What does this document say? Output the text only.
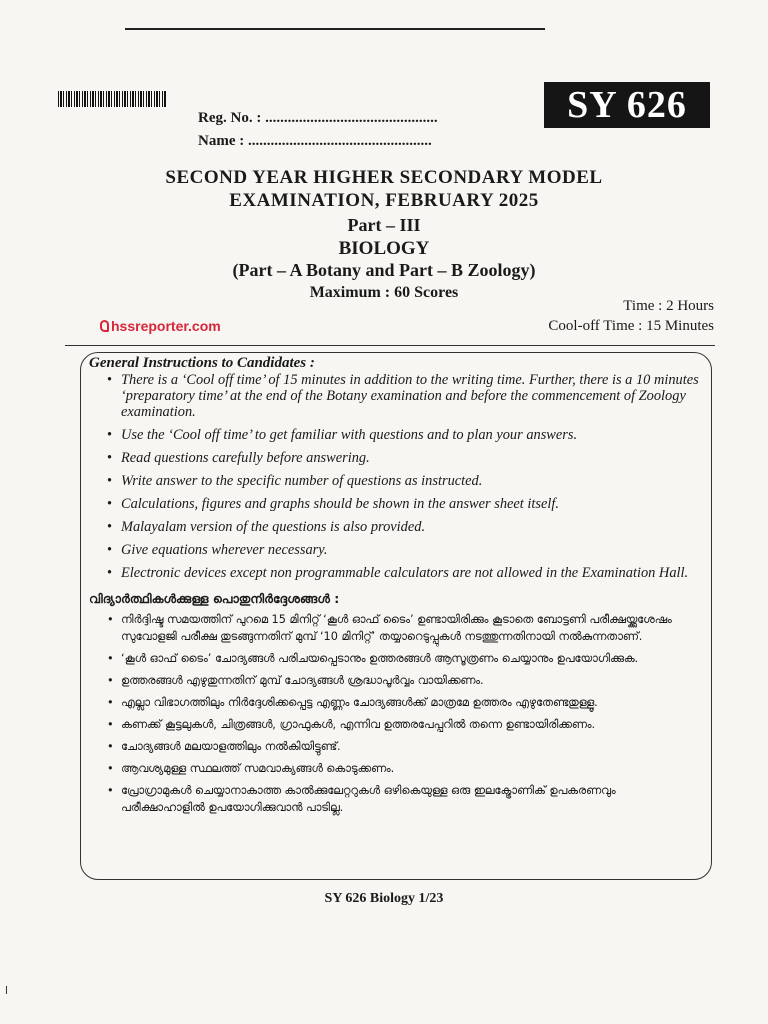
Reg. No. : ..............................................
Name : .................................................
SY 626
SECOND YEAR HIGHER SECONDARY MODEL
EXAMINATION, FEBRUARY 2025
Part – III
BIOLOGY
(Part – A Botany and Part – B Zoology)
Maximum : 60 Scores
Time : 2 Hours
Cool-off Time : 15 Minutes
hssreporter.com
General Instructions to Candidates :
• There is a ‘Cool off time’ of 15 minutes in addition to the writing time. Further, there is a 10 minutes ‘preparatory time’ at the end of the Botany examination and before the commencement of Zoology examination.
• Use the ‘Cool off time’ to get familiar with questions and to plan your answers.
• Read questions carefully before answering.
• Write answer to the specific number of questions as instructed.
• Calculations, figures and graphs should be shown in the answer sheet itself.
• Malayalam version of the questions is also provided.
• Give equations wherever necessary.
• Electronic devices except non programmable calculators are not allowed in the Examination Hall.
വിദ്യാർത്ഥികൾക്കുള്ള പൊതുനിർദ്ദേശങ്ങൾ :
• നിർദ്ദിഷ്ട സമയത്തിന് പുറമെ 15 മിനിറ്റ് ‘കൂൾ ഓഫ് ടൈം’ ഉണ്ടായിരിക്കും കൂടാതെ ബോട്ടണി പരീക്ഷയ്ക്കുശേഷം സുവോളജി പരീക്ഷ തുടങ്ങുന്നതിന് മുമ്പ് ‘10 മിനിറ്റ്’ തയ്യാറെടുപ്പുകൾ നടത്തുന്നതിനായി നൽകുന്നതാണ്.
• ‘കൂൾ ഓഫ് ടൈം’ ചോദ്യങ്ങൾ പരിചയപ്പെടാനും ഉത്തരങ്ങൾ ആസൂത്രണം ചെയ്യാനും ഉപയോഗിക്കുക.
• ഉത്തരങ്ങൾ എഴുതുന്നതിന് മുമ്പ് ചോദ്യങ്ങൾ ശ്രദ്ധാപൂർവ്വം വായിക്കണം.
• എല്ലാ വിഭാഗത്തിലും നിർദ്ദേശിക്കപ്പെട്ട എണ്ണം ചോദ്യങ്ങൾക്ക് മാത്രമേ ഉത്തരം എഴുതേണ്ടതുള്ളൂ.
• കണക്ക് കൂട്ടലുകൾ, ചിത്രങ്ങൾ, ഗ്രാഫുകൾ, എന്നിവ ഉത്തരപേപ്പറിൽ തന്നെ ഉണ്ടായിരിക്കണം.
• ചോദ്യങ്ങൾ മലയാളത്തിലും നൽകിയിട്ടുണ്ട്.
• ആവശ്യമുള്ള സ്ഥലത്ത് സമവാക്യങ്ങൾ കൊടുക്കണം.
• പ്രോഗ്രാമുകൾ ചെയ്യാനാകാത്ത കാൽക്കുലേറ്ററുകൾ ഒഴികെയുള്ള ഒരു ഇലക്ട്രോണിക് ഉപകരണവും പരീക്ഷാഹാളിൽ ഉപയോഗിക്കുവാൻ പാടില്ല.
SY 626 Biology 1/23
